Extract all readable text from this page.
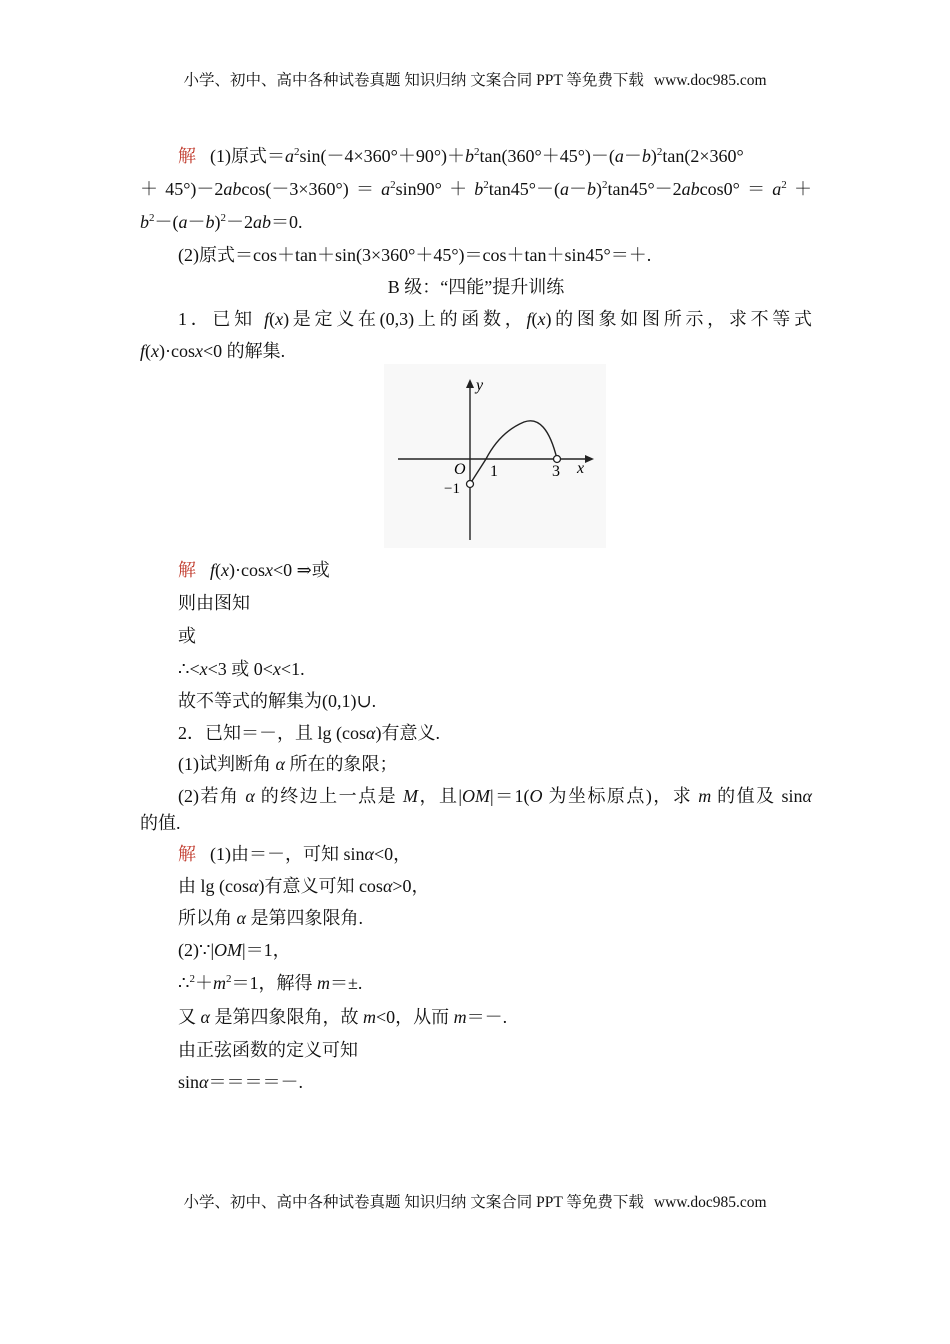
小学、初中、高中各种试卷真题 知识归纳 文案合同 PPT 等免费下载 www.doc985.com
解 (1)原式$=a^2\sin(-4\times 360^\circ+90^\circ)+b^2\tan(360^\circ+45^\circ)-(a-b)^2\tan(2\times 360^\circ$
$+45^\circ)-2abcos(-3\times 360^\circ)=a^2\sin 90^\circ+b^2\tan 45^\circ-(a-b)^2\tan 45^\circ-2abcos0^\circ=a^2+$
$b^2-(a-b)^2-2ab=0$.
(2)原式＝cos＋tan＋sin(3×360°＋45°)＝cos＋tan＋sin45°＝＋.
B 级：“四能”提升训练
1．已知 f(x)是定义在(0,3)上的函数，f(x)的图象如图所示，求不等式
f(x)·cosx<0 的解集.
y
x
O 1	3
−1
解 f(x)·cosx<0 ⇒或
则由图知
或
∴<x<3 或 0<x<1.
故不等式的解集为(0,1)∪.
2．已知＝－，且 lg (cosα)有意义.
(1)试判断角 α 所在的象限；
(2)若角 α 的终边上一点是 M，且|OM|＝1(O 为坐标原点)，求 m 的值及 sinα
的值.
解 (1)由＝－，可知 sinα<0，
由 lg (cosα)有意义可知 cosα>0，
所以角 α 是第四象限角.
(2)∵|OM|＝1，
$\therefore^2+m^2=1$，解得 m＝±.
又 α 是第四象限角，故 m<0，从而 m＝－.
由正弦函数的定义可知
sinα＝＝＝＝－.
小学、初中、高中各种试卷真题 知识归纳 文案合同 PPT 等免费下载 www.doc985.com
